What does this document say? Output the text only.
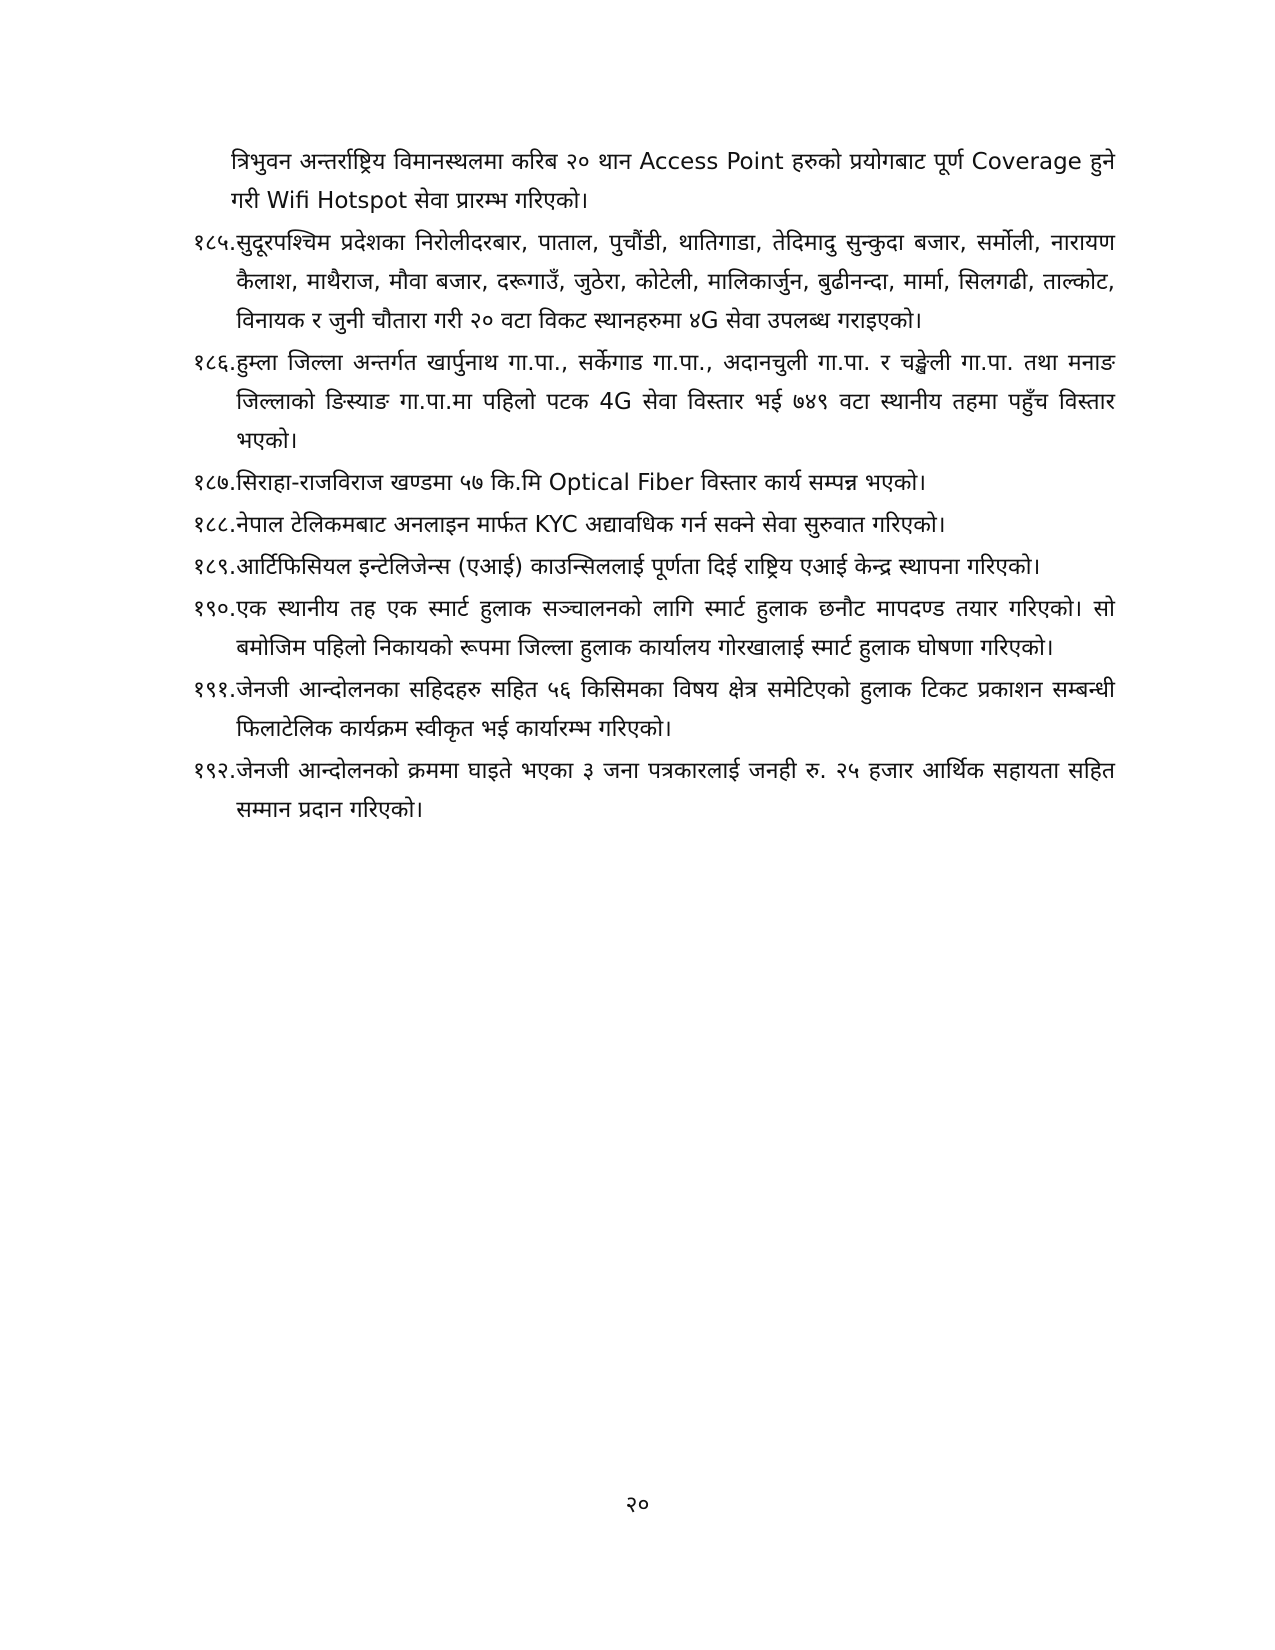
त्रिभुवन अन्तर्राष्ट्रिय विमानस्थलमा करिब २० थान Access Point हरुको प्रयोगबाट पूर्ण Coverage हुने गरी Wifi Hotspot सेवा प्रारम्भ गरिएको।

१८५. सुदूरपश्चिम प्रदेशका निरोलीदरबार, पाताल, पुचौंडी, थातिगाडा, तेदिमादु सुन्कुदा बजार, सर्मोली, नारायण कैलाश, माथैराज, मौवा बजार, दरूगाउँ, जुठेरा, कोटेली, मालिकार्जुन, बुढीनन्दा, मार्मा, सिलगढी, ताल्कोट, विनायक र जुनी चौतारा गरी २० वटा विकट स्थानहरुमा ४G सेवा उपलब्ध गराइएको।
१८६. हुम्ला जिल्ला अन्तर्गत खार्पुनाथ गा.पा., सर्केगाड गा.पा., अदानचुली गा.पा. र चङ्खेली गा.पा. तथा मनाङ जिल्लाको ङिस्याङ गा.पा.मा पहिलो पटक 4G सेवा विस्तार भई ७४९ वटा स्थानीय तहमा पहुँच विस्तार भएको।
१८७. सिराहा-राजविराज खण्डमा ५७ कि.मि Optical Fiber विस्तार कार्य सम्पन्न भएको।
१८८. नेपाल टेलिकमबाट अनलाइन मार्फत KYC अद्यावधिक गर्न सक्ने सेवा सुरुवात गरिएको।
१८९. आर्टिफिसियल इन्टेलिजेन्स (एआई) काउन्सिललाई पूर्णता दिई राष्ट्रिय एआई केन्द्र स्थापना गरिएको।
१९०. एक स्थानीय तह एक स्मार्ट हुलाक सञ्चालनको लागि स्मार्ट हुलाक छनौट मापदण्ड तयार गरिएको। सो बमोजिम पहिलो निकायको रूपमा जिल्ला हुलाक कार्यालय गोरखालाई स्मार्ट हुलाक घोषणा गरिएको।
१९१. जेनजी आन्दोलनका सहिदहरु सहित ५६ किसिमका विषय क्षेत्र समेटिएको हुलाक टिकट प्रकाशन सम्बन्धी फिलाटेलिक कार्यक्रम स्वीकृत भई कार्यारम्भ गरिएको।
१९२. जेनजी आन्दोलनको क्रममा घाइते भएका ३ जना पत्रकारलाई जनही रु. २५ हजार आर्थिक सहायता सहित सम्मान प्रदान गरिएको।
२०
